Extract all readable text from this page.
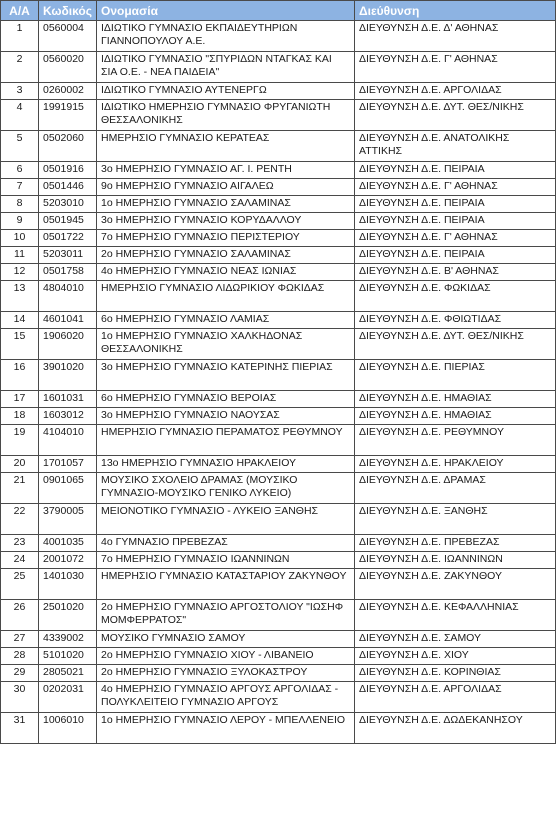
Α/Α	Κωδικός	Ονομασία	Διεύθυνση
1	0560004	ΙΔΙΩΤΙΚΟ ΓΥΜΝΑΣΙΟ ΕΚΠΑΙΔΕΥΤΗΡΙΩΝ ΓΙΑΝΝΟΠΟΥΛΟΥ Α.Ε.	ΔΙΕΥΘΥΝΣΗ Δ.Ε. Δ' ΑΘΗΝΑΣ
2	0560020	ΙΔΙΩΤΙΚΟ ΓΥΜΝΑΣΙΟ "ΣΠΥΡΙΔΩΝ ΝΤΑΓΚΑΣ ΚΑΙ ΣΙΑ Ο.Ε. - ΝΕΑ ΠΑΙΔΕΙΑ"	ΔΙΕΥΘΥΝΣΗ Δ.Ε. Γ' ΑΘΗΝΑΣ
3	0260002	ΙΔΙΩΤΙΚΟ ΓΥΜΝΑΣΙΟ ΑΥΤΕΝΕΡΓΩ	ΔΙΕΥΘΥΝΣΗ Δ.Ε. ΑΡΓΟΛΙΔΑΣ
4	1991915	ΙΔΙΩΤΙΚΟ ΗΜΕΡΗΣΙΟ ΓΥΜΝΑΣΙΟ ΦΡΥΓΑΝΙΩΤΗ ΘΕΣΣΑΛΟΝΙΚΗΣ	ΔΙΕΥΘΥΝΣΗ Δ.Ε. ΔΥΤ. ΘΕΣ/ΝΙΚΗΣ
5	0502060	ΗΜΕΡΗΣΙΟ ΓΥΜΝΑΣΙΟ ΚΕΡΑΤΕΑΣ	ΔΙΕΥΘΥΝΣΗ Δ.Ε. ΑΝΑΤΟΛΙΚΗΣ ΑΤΤΙΚΗΣ
6	0501916	3ο ΗΜΕΡΗΣΙΟ ΓΥΜΝΑΣΙΟ ΑΓ. Ι. ΡΕΝΤΗ	ΔΙΕΥΘΥΝΣΗ Δ.Ε. ΠΕΙΡΑΙΑ
7	0501446	9ο ΗΜΕΡΗΣΙΟ ΓΥΜΝΑΣΙΟ ΑΙΓΑΛΕΩ	ΔΙΕΥΘΥΝΣΗ Δ.Ε. Γ' ΑΘΗΝΑΣ
8	5203010	1ο ΗΜΕΡΗΣΙΟ ΓΥΜΝΑΣΙΟ ΣΑΛΑΜΙΝΑΣ	ΔΙΕΥΘΥΝΣΗ Δ.Ε. ΠΕΙΡΑΙΑ
9	0501945	3ο ΗΜΕΡΗΣΙΟ ΓΥΜΝΑΣΙΟ ΚΟΡΥΔΑΛΛΟΥ	ΔΙΕΥΘΥΝΣΗ Δ.Ε. ΠΕΙΡΑΙΑ
10	0501722	7ο ΗΜΕΡΗΣΙΟ ΓΥΜΝΑΣΙΟ ΠΕΡΙΣΤΕΡΙΟΥ	ΔΙΕΥΘΥΝΣΗ Δ.Ε. Γ' ΑΘΗΝΑΣ
11	5203011	2ο ΗΜΕΡΗΣΙΟ ΓΥΜΝΑΣΙΟ ΣΑΛΑΜΙΝΑΣ	ΔΙΕΥΘΥΝΣΗ Δ.Ε. ΠΕΙΡΑΙΑ
12	0501758	4ο ΗΜΕΡΗΣΙΟ ΓΥΜΝΑΣΙΟ ΝΕΑΣ ΙΩΝΙΑΣ	ΔΙΕΥΘΥΝΣΗ Δ.Ε. Β' ΑΘΗΝΑΣ
13	4804010	ΗΜΕΡΗΣΙΟ ΓΥΜΝΑΣΙΟ ΛΙΔΩΡΙΚΙΟΥ ΦΩΚΙΔΑΣ	ΔΙΕΥΘΥΝΣΗ Δ.Ε. ΦΩΚΙΔΑΣ
14	4601041	6ο ΗΜΕΡΗΣΙΟ ΓΥΜΝΑΣΙΟ ΛΑΜΙΑΣ	ΔΙΕΥΘΥΝΣΗ Δ.Ε. ΦΘΙΩΤΙΔΑΣ
15	1906020	1ο ΗΜΕΡΗΣΙΟ ΓΥΜΝΑΣΙΟ ΧΑΛΚΗΔΟΝΑΣ ΘΕΣΣΑΛΟΝΙΚΗΣ	ΔΙΕΥΘΥΝΣΗ Δ.Ε. ΔΥΤ. ΘΕΣ/ΝΙΚΗΣ
16	3901020	3ο ΗΜΕΡΗΣΙΟ ΓΥΜΝΑΣΙΟ ΚΑΤΕΡΙΝΗΣ ΠΙΕΡΙΑΣ	ΔΙΕΥΘΥΝΣΗ Δ.Ε. ΠΙΕΡΙΑΣ
17	1601031	6ο ΗΜΕΡΗΣΙΟ ΓΥΜΝΑΣΙΟ ΒΕΡΟΙΑΣ	ΔΙΕΥΘΥΝΣΗ Δ.Ε. ΗΜΑΘΙΑΣ
18	1603012	3ο ΗΜΕΡΗΣΙΟ ΓΥΜΝΑΣΙΟ ΝΑΟΥΣΑΣ	ΔΙΕΥΘΥΝΣΗ Δ.Ε. ΗΜΑΘΙΑΣ
19	4104010	ΗΜΕΡΗΣΙΟ ΓΥΜΝΑΣΙΟ ΠΕΡΑΜΑΤΟΣ ΡΕΘΥΜΝΟΥ	ΔΙΕΥΘΥΝΣΗ Δ.Ε. ΡΕΘΥΜΝΟΥ
20	1701057	13ο ΗΜΕΡΗΣΙΟ ΓΥΜΝΑΣΙΟ ΗΡΑΚΛΕΙΟΥ	ΔΙΕΥΘΥΝΣΗ Δ.Ε. ΗΡΑΚΛΕΙΟΥ
21	0901065	ΜΟΥΣΙΚΟ ΣΧΟΛΕΙΟ ΔΡΑΜΑΣ (ΜΟΥΣΙΚΟ ΓΥΜΝΑΣΙΟ-ΜΟΥΣΙΚΟ ΓΕΝΙΚΟ ΛΥΚΕΙΟ)	ΔΙΕΥΘΥΝΣΗ Δ.Ε. ΔΡΑΜΑΣ
22	3790005	ΜΕΙΟΝΟΤΙΚΟ ΓΥΜΝΑΣΙΟ - ΛΥΚΕΙΟ ΞΑΝΘΗΣ	ΔΙΕΥΘΥΝΣΗ Δ.Ε. ΞΑΝΘΗΣ
23	4001035	4ο ΓΥΜΝΑΣΙΟ ΠΡΕΒΕΖΑΣ	ΔΙΕΥΘΥΝΣΗ Δ.Ε. ΠΡΕΒΕΖΑΣ
24	2001072	7ο ΗΜΕΡΗΣΙΟ ΓΥΜΝΑΣΙΟ ΙΩΑΝΝΙΝΩΝ	ΔΙΕΥΘΥΝΣΗ Δ.Ε. ΙΩΑΝΝΙΝΩΝ
25	1401030	ΗΜΕΡΗΣΙΟ ΓΥΜΝΑΣΙΟ ΚΑΤΑΣΤΑΡΙΟΥ ΖΑΚΥΝΘΟΥ	ΔΙΕΥΘΥΝΣΗ Δ.Ε. ΖΑΚΥΝΘΟΥ
26	2501020	2ο ΗΜΕΡΗΣΙΟ ΓΥΜΝΑΣΙΟ ΑΡΓΟΣΤΟΛΙΟΥ "ΙΩΣΗΦ ΜΟΜΦΕΡΡΑΤΟΣ"	ΔΙΕΥΘΥΝΣΗ Δ.Ε. ΚΕΦΑΛΛΗΝΙΑΣ
27	4339002	ΜΟΥΣΙΚΟ ΓΥΜΝΑΣΙΟ ΣΑΜΟΥ	ΔΙΕΥΘΥΝΣΗ Δ.Ε. ΣΑΜΟΥ
28	5101020	2ο ΗΜΕΡΗΣΙΟ ΓΥΜΝΑΣΙΟ ΧΙΟΥ - ΛΙΒΑΝΕΙΟ	ΔΙΕΥΘΥΝΣΗ Δ.Ε. ΧΙΟΥ
29	2805021	2ο ΗΜΕΡΗΣΙΟ ΓΥΜΝΑΣΙΟ ΞΥΛΟΚΑΣΤΡΟΥ	ΔΙΕΥΘΥΝΣΗ Δ.Ε. ΚΟΡΙΝΘΙΑΣ
30	0202031	4ο ΗΜΕΡΗΣΙΟ ΓΥΜΝΑΣΙΟ ΑΡΓΟΥΣ ΑΡΓΟΛΙΔΑΣ - ΠΟΛΥΚΛΕΙΤΕΙΟ ΓΥΜΝΑΣΙΟ ΑΡΓΟΥΣ	ΔΙΕΥΘΥΝΣΗ Δ.Ε. ΑΡΓΟΛΙΔΑΣ
31	1006010	1ο ΗΜΕΡΗΣΙΟ ΓΥΜΝΑΣΙΟ ΛΕΡΟΥ - ΜΠΕΛΛΕΝΕΙΟ	ΔΙΕΥΘΥΝΣΗ Δ.Ε. ΔΩΔΕΚΑΝΗΣΟΥ
